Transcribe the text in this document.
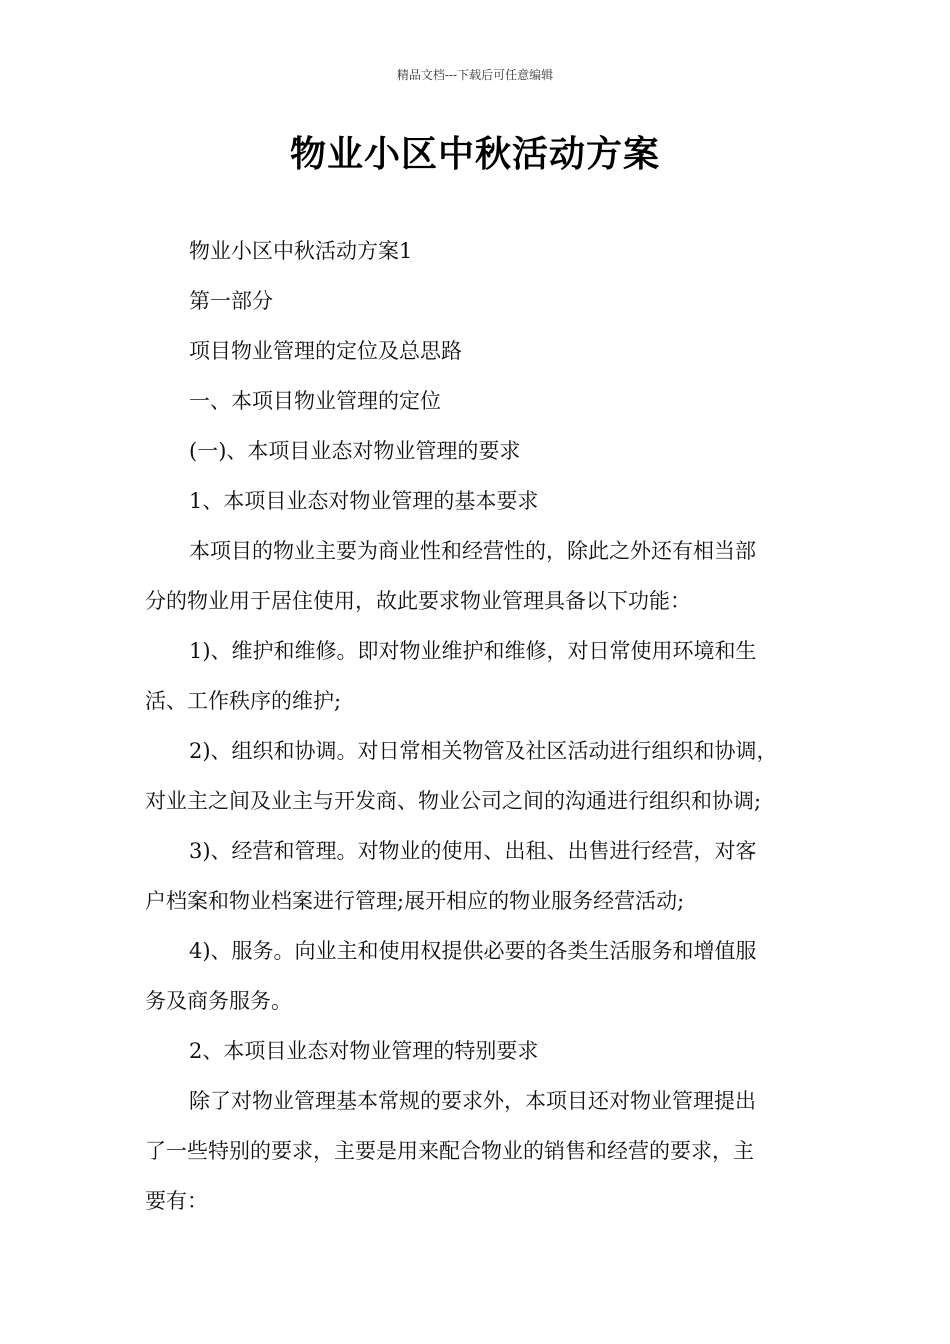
精品文档---下载后可任意编辑
物业小区中秋活动方案
物业小区中秋活动方案1
第一部分
项目物业管理的定位及总思路
一、本项目物业管理的定位
(一)、本项目业态对物业管理的要求
1、本项目业态对物业管理的基本要求
本项目的物业主要为商业性和经营性的，除此之外还有相当部
分的物业用于居住使用，故此要求物业管理具备以下功能：
1)、维护和维修。即对物业维护和维修，对日常使用环境和生
活、工作秩序的维护;
2)、组织和协调。对日常相关物管及社区活动进行组织和协调，
对业主之间及业主与开发商、物业公司之间的沟通进行组织和协调;
3)、经营和管理。对物业的使用、出租、出售进行经营，对客
户档案和物业档案进行管理;展开相应的物业服务经营活动;
4)、服务。向业主和使用权提供必要的各类生活服务和增值服
务及商务服务。
2、本项目业态对物业管理的特别要求
除了对物业管理基本常规的要求外，本项目还对物业管理提出
了一些特别的要求，主要是用来配合物业的销售和经营的要求，主
要有：
